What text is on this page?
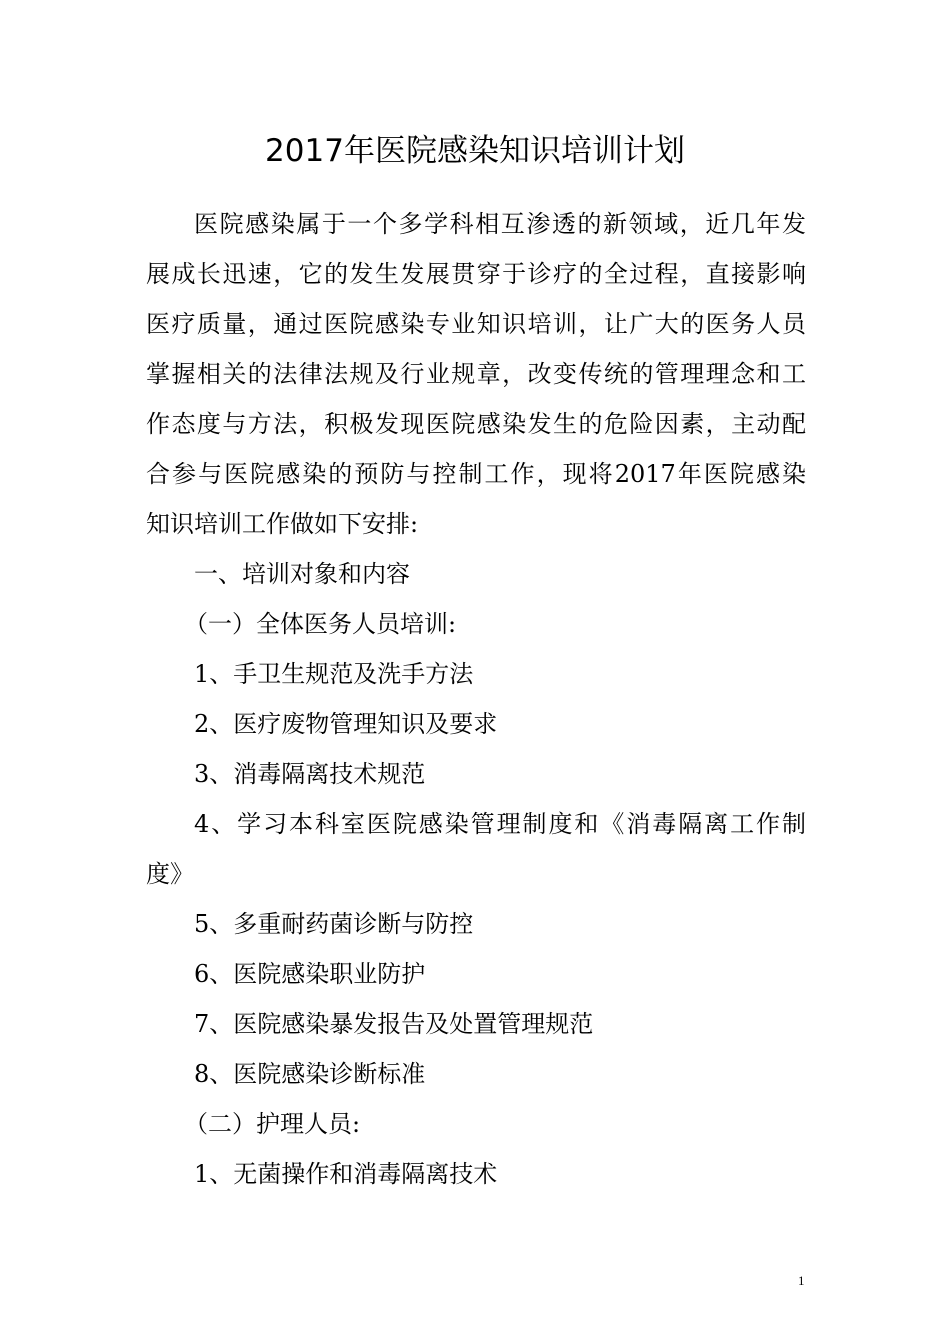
2017年医院感染知识培训计划
医院感染属于一个多学科相互渗透的新领域，近几年发
展成长迅速，它的发生发展贯穿于诊疗的全过程，直接影响
医疗质量，通过医院感染专业知识培训，让广大的医务人员
掌握相关的法律法规及行业规章，改变传统的管理理念和工
作态度与方法，积极发现医院感染发生的危险因素，主动配
合参与医院感染的预防与控制工作，现将2017年医院感染
知识培训工作做如下安排:
一、培训对象和内容
（一）全体医务人员培训:
1、手卫生规范及洗手方法
2、医疗废物管理知识及要求
3、消毒隔离技术规范
4、学习本科室医院感染管理制度和《消毒隔离工作制
度》
5、多重耐药菌诊断与防控
6、医院感染职业防护
7、医院感染暴发报告及处置管理规范
8、医院感染诊断标准
（二）护理人员:
1、无菌操作和消毒隔离技术
1
